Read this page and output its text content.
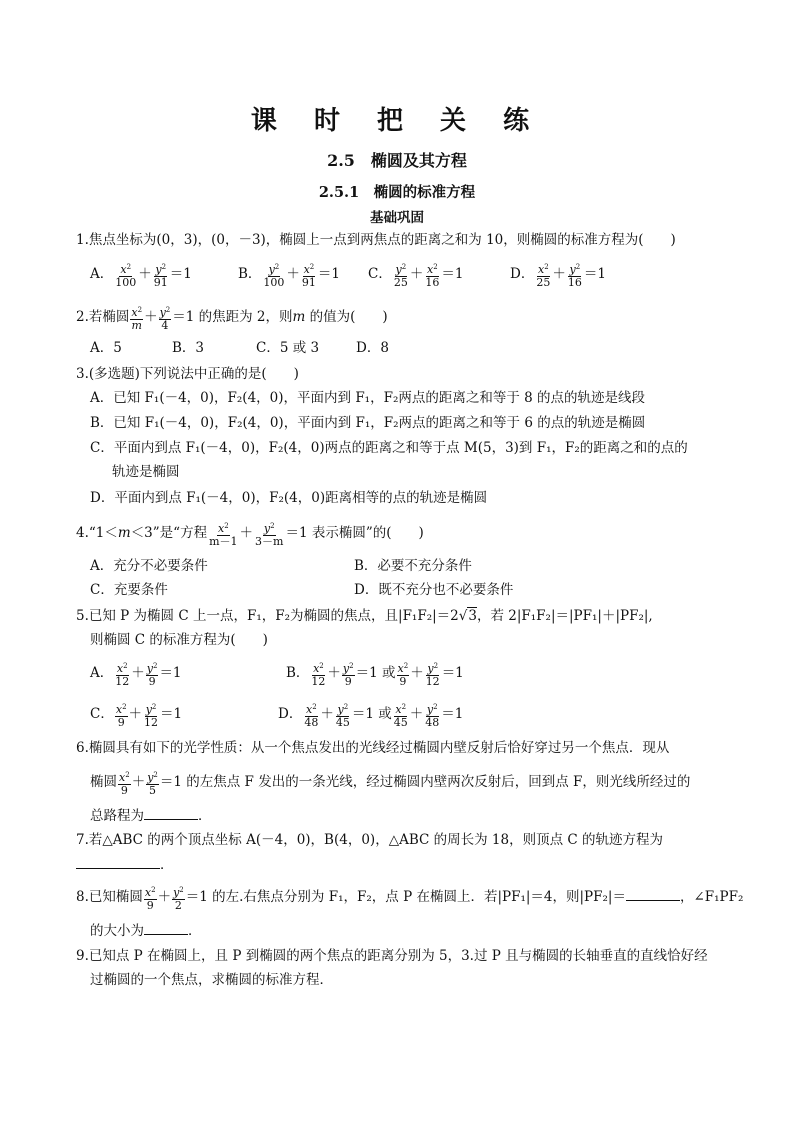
课 时 把 关 练
2.5　椭圆及其方程
2.5.1　椭圆的标准方程
基础巩固
1.焦点坐标为(0，3)，(0，－3)，椭圆上一点到两焦点的距离之和为 10，则椭圆的标准方程为(　　)
A． $\frac{x^2}{100} + \frac{y^2}{91} =1$	B． $\frac{y^2}{100} + \frac{x^2}{91} =1$ C． $\frac{y^2}{25} + \frac{x^2}{16} =1$	D． $\frac{x^2}{25} + \frac{y^2}{16} =1$
2.若椭圆 $\frac{x^2}{m} + \frac{y^2}{4} =1$ 的焦距为 2，则m 的值为(　　)
A．5	B．3	C．5 或 3	D．8
3.(多选题)下列说法中正确的是(　　)
A．已知 F₁(－4，0)，F₂(4，0)，平面内到 F₁，F₂两点的距离之和等于 8 的点的轨迹是线段
B．已知 F₁(－4，0)，F₂(4，0)，平面内到 F₁，F₂两点的距离之和等于 6 的点的轨迹是椭圆
C．平面内到点 F₁(－4，0)，F₂(4，0)两点的距离之和等于点 M(5，3)到 F₁，F₂的距离之和的点的
轨迹是椭圆
D．平面内到点 F₁(－4，0)，F₂(4，0)距离相等的点的轨迹是椭圆
4.“1＜m＜3”是“方程 $\frac{x^2}{m-1} + \frac{y^2}{3-m} =1$ 表示椭圆”的(　　)
A．充分不必要条件	B．必要不充分条件
C．充要条件	D．既不充分也不必要条件
5.已知 P 为椭圆 C 上一点，F₁，F₂为椭圆的焦点，且|F₁F₂|＝2√3，若 2|F₁F₂|＝|PF₁|＋|PF₂|,
则椭圆 C 的标准方程为(　　)
A． $\frac{x^2}{12} + \frac{y^2}{9} =1$	B． $\frac{x^2}{12} + \frac{y^2}{9} =1$ 或 $\frac{x^2}{9} + \frac{y^2}{12} =1$
C． $\frac{x^2}{9} + \frac{y^2}{12} =1$	D． $\frac{x^2}{48} + \frac{y^2}{45} =1$ 或 $\frac{x^2}{45} + \frac{y^2}{48} =1$
6.椭圆具有如下的光学性质：从一个焦点发出的光线经过椭圆内壁反射后恰好穿过另一个焦点．现从
椭圆 $\frac{x^2}{9} + \frac{y^2}{5} =1$ 的左焦点 F 发出的一条光线，经过椭圆内壁两次反射后，回到点 F，则光线所经过的
总路程为	．
7.若△ABC 的两个顶点坐标 A(－4，0)，B(4，0)，△ABC 的周长为 18，则顶点 C 的轨迹方程为
．
8.已知椭圆 $\frac{x^2}{9} + \frac{y^2}{2} =1$ 的左.右焦点分别为 F₁，F₂，点 P 在椭圆上．若|PF₁|＝4，则|PF₂|＝	，∠F₁PF₂
的大小为	．
9.已知点 P 在椭圆上，且 P 到椭圆的两个焦点的距离分别为 5，3.过 P 且与椭圆的长轴垂直的直线恰好经
过椭圆的一个焦点，求椭圆的标准方程．
